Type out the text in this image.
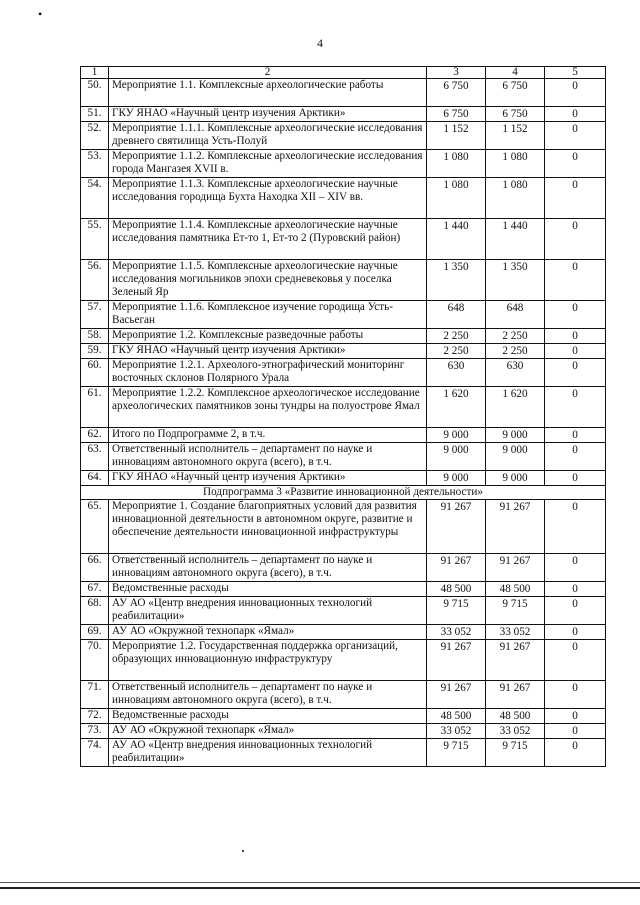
•
4
1	2	3	4	5
50.	Мероприятие 1.1. Комплексные археологические работы	6 750	6 750	0
51.	ГКУ ЯНАО «Научный центр изучения Арктики»	6 750	6 750	0
52.	Мероприятие 1.1.1. Комплексные археологические исследования древнего святилища Усть-Полуй	1 152	1 152	0
53.	Мероприятие 1.1.2. Комплексные археологические исследования города Мангазея XVII в.	1 080	1 080	0
54.	Мероприятие 1.1.3. Комплексные археологические научные исследования городища Бухта Находка XII – XIV вв.	1 080	1 080	0
55.	Мероприятие 1.1.4. Комплексные археологические научные исследования памятника Ет-то 1, Ет-то 2 (Пуровский район)	1 440	1 440	0
56.	Мероприятие 1.1.5. Комплексные археологические научные исследования могильников эпохи средневековья у поселка Зеленый Яр	1 350	1 350	0
57.	Мероприятие 1.1.6. Комплексное изучение городища Усть-Васьеган	648	648	0
58.	Мероприятие 1.2. Комплексные разведочные работы	2 250	2 250	0
59.	ГКУ ЯНАО «Научный центр изучения Арктики»	2 250	2 250	0
60.	Мероприятие 1.2.1. Археолого-этнографический мониторинг восточных склонов Полярного Урала	630	630	0
61.	Мероприятие 1.2.2. Комплексное археологическое исследование археологических памятников зоны тундры на полуострове Ямал	1 620	1 620	0
62.	Итого по Подпрограмме 2, в т.ч.	9 000	9 000	0
63.	Ответственный исполнитель – департамент по науке и инновациям автономного округа (всего), в т.ч.	9 000	9 000	0
64.	ГКУ ЯНАО «Научный центр изучения Арктики»	9 000	9 000	0
Подпрограмма 3 «Развитие инновационной деятельности»				
65.	Мероприятие 1. Создание благоприятных условий для развития инновационной деятельности в автономном округе, развитие и обеспечение деятельности инновационной инфраструктуры	91 267	91 267	0
66.	Ответственный исполнитель – департамент по науке и инновациям автономного округа (всего), в т.ч.	91 267	91 267	0
67.	Ведомственные расходы	48 500	48 500	0
68.	АУ АО «Центр внедрения инновационных технологий реабилитации»	9 715	9 715	0
69.	АУ АО «Окружной технопарк «Ямал»	33 052	33 052	0
70.	Мероприятие 1.2. Государственная поддержка организаций, образующих инновационную инфраструктуру	91 267	91 267	0
71.	Ответственный исполнитель – департамент по науке и инновациям автономного округа (всего), в т.ч.	91 267	91 267	0
72.	Ведомственные расходы	48 500	48 500	0
73.	АУ АО «Окружной технопарк «Ямал»	33 052	33 052	0
74.	АУ АО «Центр внедрения инновационных технологий реабилитации»	9 715	9 715	0
